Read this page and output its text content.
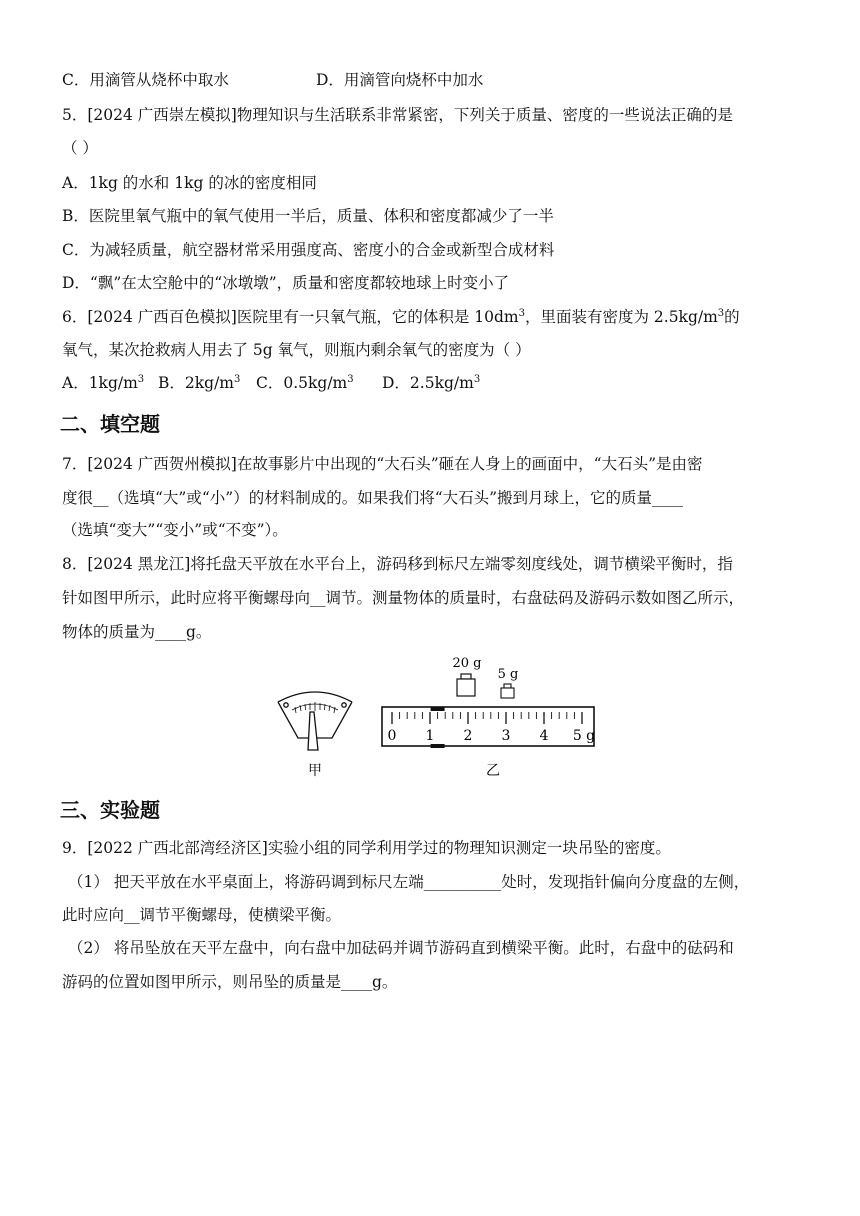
C．用滴管从烧杯中取水	D．用滴管向烧杯中加水
5．[2024 广西崇左模拟]物理知识与生活联系非常紧密，下列关于质量、密度的一些说法正确的是
（ ）
A．1kg 的水和 1kg 的冰的密度相同
B．医院里氧气瓶中的氧气使用一半后，质量、体积和密度都减少了一半
C．为减轻质量，航空器材常采用强度高、密度小的合金或新型合成材料
D．“飘”在太空舱中的“冰墩墩”，质量和密度都较地球上时变小了
6．[2024 广西百色模拟]医院里有一只氧气瓶，它的体积是 $10dm^3$，里面装有密度为 $2.5kg/m^3$的
氧气，某次抢救病人用去了 5g 氧气，则瓶内剩余氧气的密度为（ ）
A．$1kg/m^3$ B．$2kg/m^3$ C．$0.5kg/m^3$ D．$2.5kg/m^3$
二、填空题
7．[2024 广西贺州模拟]在故事影片中出现的“大石头”砸在人身上的画面中，“大石头”是由密
度很__（选填“大”或“小”）的材料制成的。如果我们将“大石头”搬到月球上，它的质量____
（选填“变大”“变小”或“不变”）。
8．[2024 黑龙江]将托盘天平放在水平台上，游码移到标尺左端零刻度线处，调节横梁平衡时，指
针如图甲所示，此时应将平衡螺母向__调节。测量物体的质量时，右盘砝码及游码示数如图乙所示，
物体的质量为____g。
甲
20 g
5 g
0 1 2 3 4 5 g
乙
三、实验题
9．[2022 广西北部湾经济区]实验小组的同学利用学过的物理知识测定一块吊坠的密度。
（1） 把天平放在水平桌面上，将游码调到标尺左端__________处时，发现指针偏向分度盘的左侧，
此时应向__调节平衡螺母，使横梁平衡。
（2） 将吊坠放在天平左盘中，向右盘中加砝码并调节游码直到横梁平衡。此时，右盘中的砝码和
游码的位置如图甲所示，则吊坠的质量是____g。
